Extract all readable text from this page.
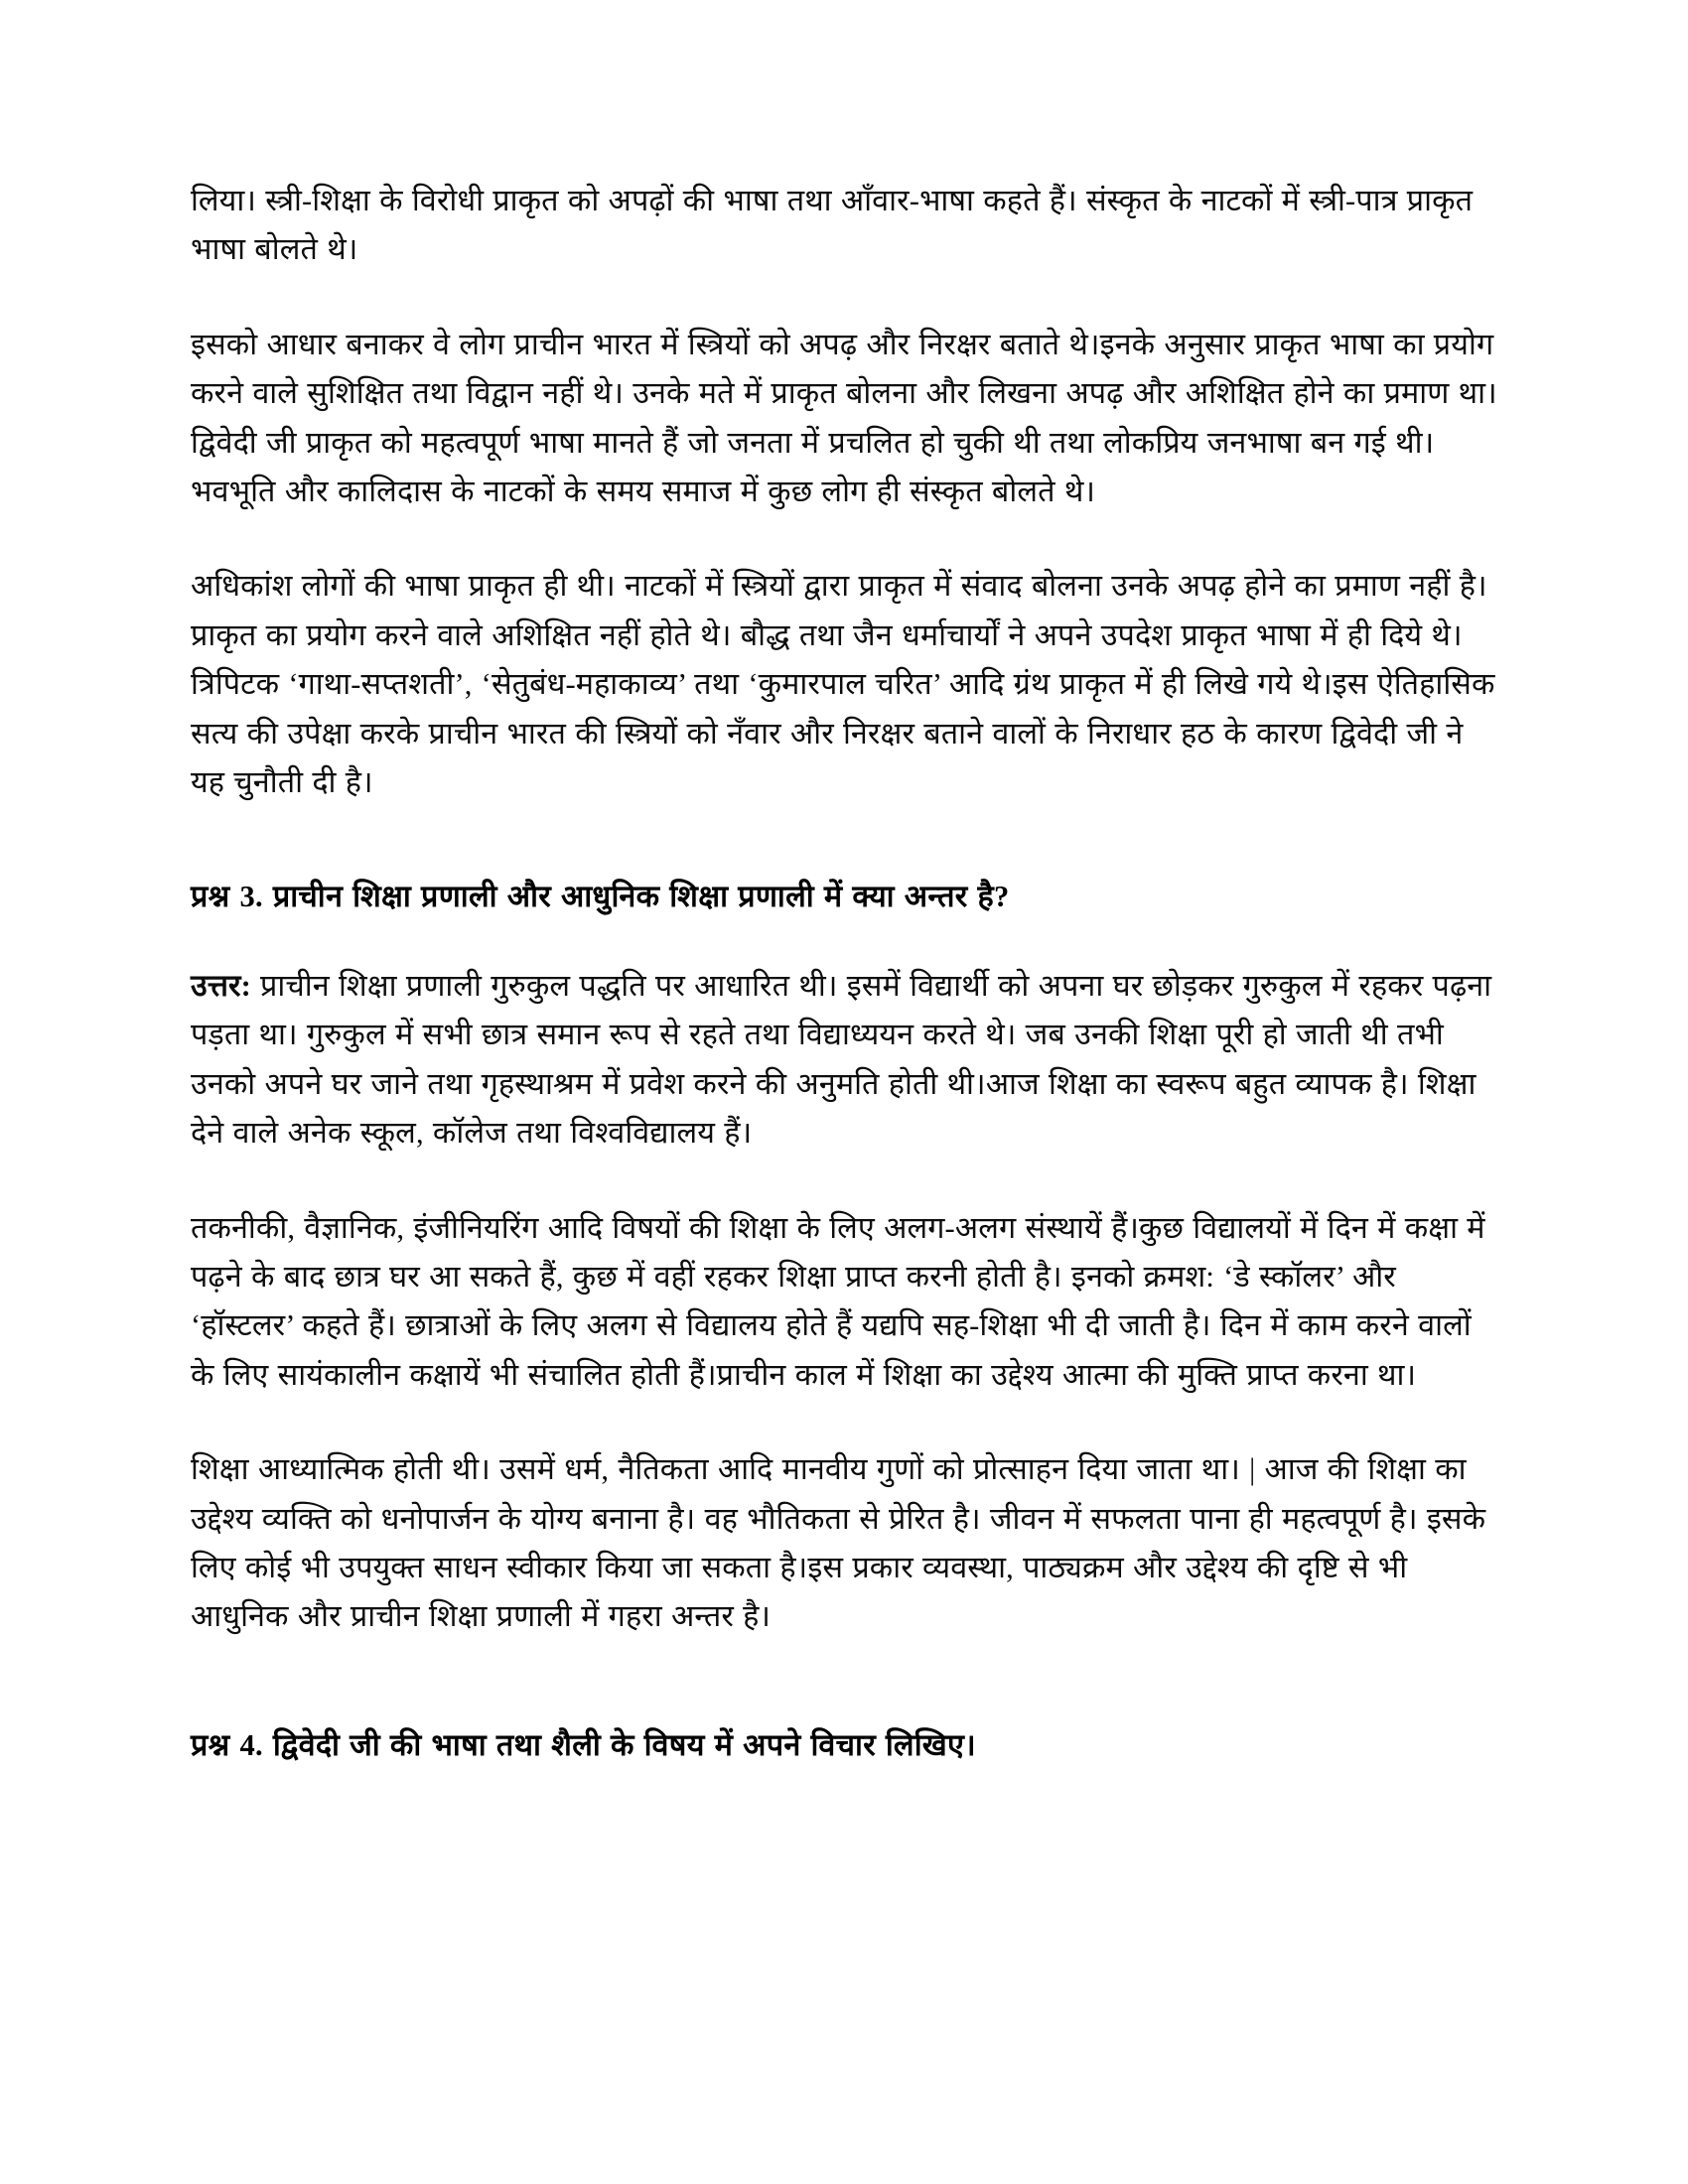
लिया। स्त्री-शिक्षा के विरोधी प्राकृत को अपढ़ों की भाषा तथा आँवार-भाषा कहते हैं। संस्कृत के नाटकों में स्त्री-पात्र प्राकृत भाषा बोलते थे।

इसको आधार बनाकर वे लोग प्राचीन भारत में स्त्रियों को अपढ़ और निरक्षर बताते थे।इनके अनुसार प्राकृत भाषा का प्रयोग करने वाले सुशिक्षित तथा विद्वान नहीं थे। उनके मते में प्राकृत बोलना और लिखना अपढ़ और अशिक्षित होने का प्रमाण था।द्विवेदी जी प्राकृत को महत्वपूर्ण भाषा मानते हैं जो जनता में प्रचलित हो चुकी थी तथा लोकप्रिय जनभाषा बन गई थी। भवभूति और कालिदास के नाटकों के समय समाज में कुछ लोग ही संस्कृत बोलते थे।

अधिकांश लोगों की भाषा प्राकृत ही थी। नाटकों में स्त्रियों द्वारा प्राकृत में संवाद बोलना उनके अपढ़ होने का प्रमाण नहीं है।प्राकृत का प्रयोग करने वाले अशिक्षित नहीं होते थे। बौद्ध तथा जैन धर्माचार्यों ने अपने उपदेश प्राकृत भाषा में ही दिये थे। त्रिपिटक ‘गाथा-सप्तशती’, ‘सेतुबंध-महाकाव्य’ तथा ‘कुमारपाल चरित’ आदि ग्रंथ प्राकृत में ही लिखे गये थे।इस ऐतिहासिक सत्य की उपेक्षा करके प्राचीन भारत की स्त्रियों को नँवार और निरक्षर बताने वालों के निराधार हठ के कारण द्विवेदी जी ने यह चुनौती दी है।

प्रश्न 3. प्राचीन शिक्षा प्रणाली और आधुनिक शिक्षा प्रणाली में क्या अन्तर है?

उत्तर: प्राचीन शिक्षा प्रणाली गुरुकुल पद्धति पर आधारित थी। इसमें विद्यार्थी को अपना घर छोड़कर गुरुकुल में रहकर पढ़ना पड़ता था। गुरुकुल में सभी छात्र समान रूप से रहते तथा विद्याध्ययन करते थे। जब उनकी शिक्षा पूरी हो जाती थी तभी उनको अपने घर जाने तथा गृहस्थाश्रम में प्रवेश करने की अनुमति होती थी।आज शिक्षा का स्वरूप बहुत व्यापक है। शिक्षा देने वाले अनेक स्कूल, कॉलेज तथा विश्वविद्यालय हैं।

तकनीकी, वैज्ञानिक, इंजीनियरिंग आदि विषयों की शिक्षा के लिए अलग-अलग संस्थायें हैं।कुछ विद्यालयों में दिन में कक्षा में पढ़ने के बाद छात्र घर आ सकते हैं, कुछ में वहीं रहकर शिक्षा प्राप्त करनी होती है। इनको क्रमश: ‘डे स्कॉलर’ और ‘हॉस्टलर’ कहते हैं। छात्राओं के लिए अलग से विद्यालय होते हैं यद्यपि सह-शिक्षा भी दी जाती है। दिन में काम करने वालों के लिए सायंकालीन कक्षायें भी संचालित होती हैं।प्राचीन काल में शिक्षा का उद्देश्य आत्मा की मुक्ति प्राप्त करना था।

शिक्षा आध्यात्मिक होती थी। उसमें धर्म, नैतिकता आदि मानवीय गुणों को प्रोत्साहन दिया जाता था। | आज की शिक्षा का उद्देश्य व्यक्ति को धनोपार्जन के योग्य बनाना है। वह भौतिकता से प्रेरित है। जीवन में सफलता पाना ही महत्वपूर्ण है। इसके लिए कोई भी उपयुक्त साधन स्वीकार किया जा सकता है।इस प्रकार व्यवस्था, पाठ्यक्रम और उद्देश्य की दृष्टि से भी आधुनिक और प्राचीन शिक्षा प्रणाली में गहरा अन्तर है।

प्रश्न 4. द्विवेदी जी की भाषा तथा शैली के विषय में अपने विचार लिखिए।
